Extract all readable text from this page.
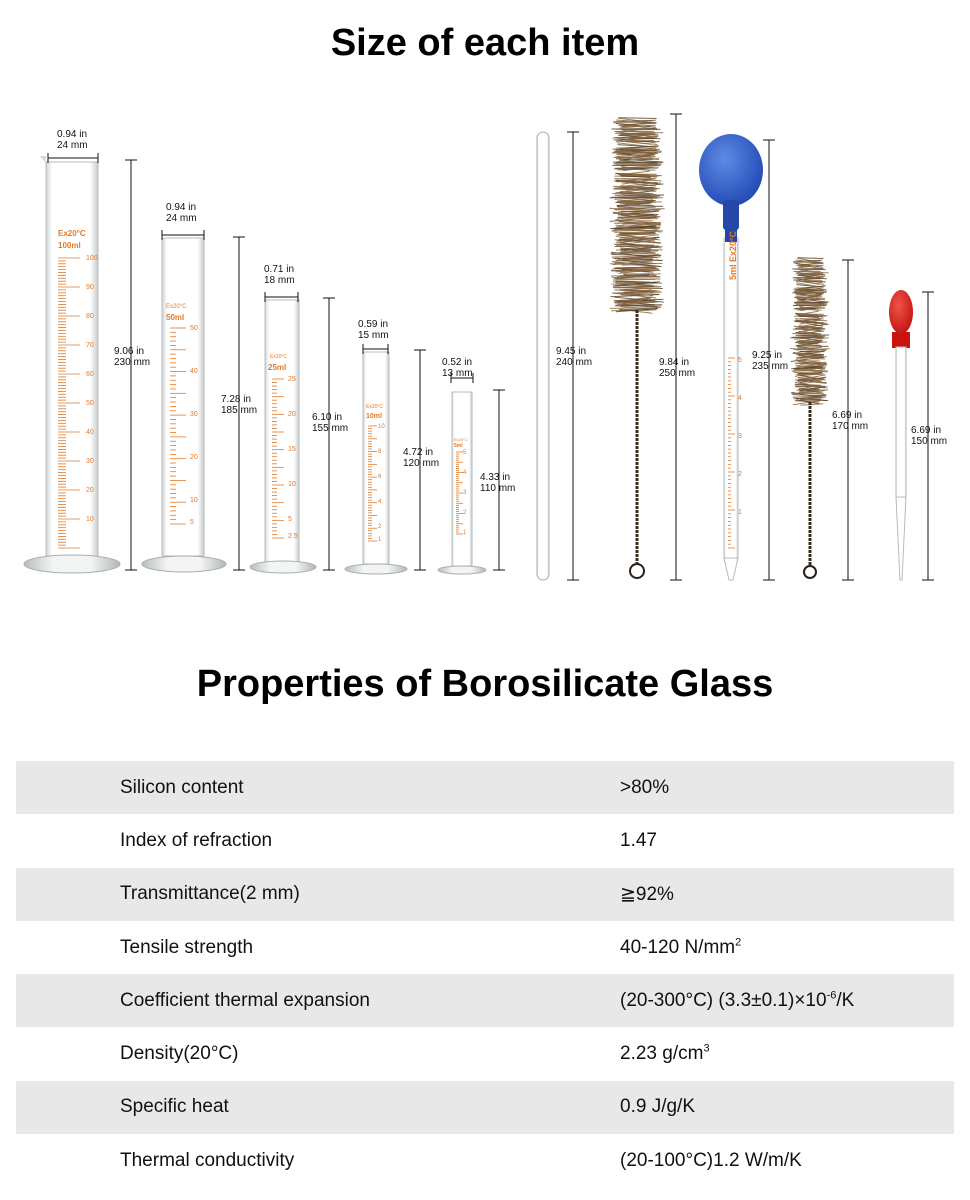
Size of each item
Ex20°C
100ml
100
90
80
70
60
50
40
30
20
10
0.94 in
24 mm
9.06 in
230 mm
Ex20°C
50ml
50
40
30
20
10
5
0.94 in
24 mm
7.28 in
185 mm
Ex20°C
25ml
25
20
15
10
5
2.5
0.71 in
18 mm
6.10 in
155 mm
Ex20°C
10ml
10
8
6
4
2
1
0.59 in
15 mm
4.72 in
120 mm
Ex20°C
5ml
5
4
3
2
1
0.52 in
13 mm
4.33 in
110 mm
9.45 in
240 mm	9.84 in
250 mm
5ml Ex20°C
5
4
3
2
1
9.25 in
235 mm
6.69 in
170 mm	6.69 in
150 mm
Properties of Borosilicate Glass
Silicon content	>80%
Index of refraction	1.47
Transmittance(2 mm)	≧92%
Tensile strength	40-120 $N/mm^2$
Coefficient thermal expansion	(20-300°C) $(3.3\pm 0.1)\times 10^{-6}/K$
Density(20°C)	2.23 $g/cm^3$
Specific heat	0.9 J/g/K
Thermal conductivity	(20-100°C)1.2 W/m/K
